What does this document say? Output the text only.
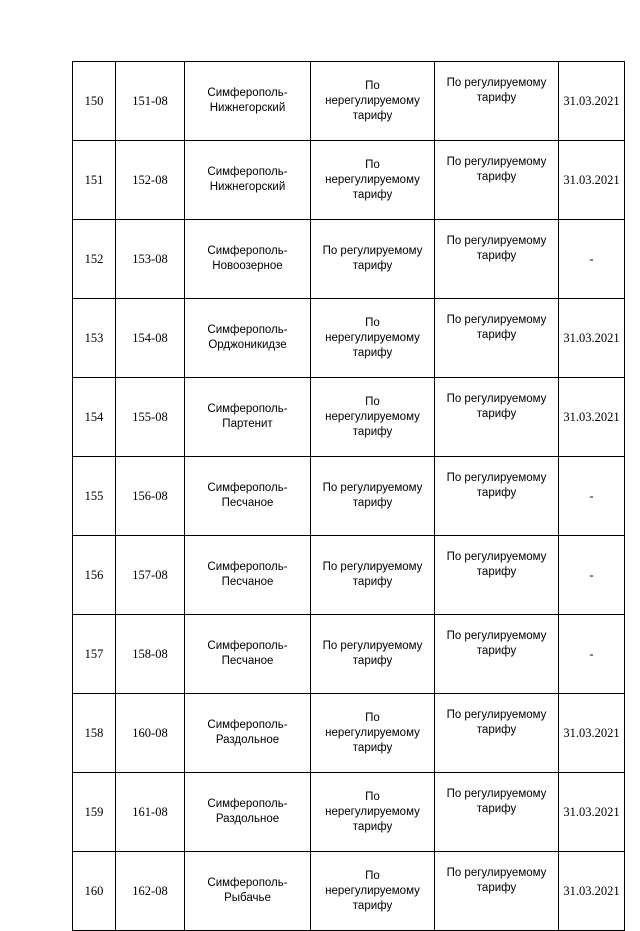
150	151-08	Симферополь-
Нижнегорский	По
нерегулируемому
тарифу	По регулируемому
тарифу	31.03.2021

151	152-08	Симферополь-
Нижнегорский	По
нерегулируемому
тарифу	По регулируемому
тарифу	31.03.2021

152	153-08	Симферополь-
Новоозерное	По регулируемому
тарифу	По регулируемому
тарифу	-

153	154-08	Симферополь-
Орджоникидзе	По
нерегулируемому
тарифу	По регулируемому
тарифу	31.03.2021

154	155-08	Симферополь-
Партенит	По
нерегулируемому
тарифу	По регулируемому
тарифу	31.03.2021

155	156-08	Симферополь-
Песчаное	По регулируемому
тарифу	По регулируемому
тарифу	-

156	157-08	Симферополь-
Песчаное	По регулируемому
тарифу	По регулируемому
тарифу	-

157	158-08	Симферополь-
Песчаное	По регулируемому
тарифу	По регулируемому
тарифу	-

158	160-08	Симферополь-
Раздольное	По
нерегулируемому
тарифу	По регулируемому
тарифу	31.03.2021

159	161-08	Симферополь-
Раздольное	По
нерегулируемому
тарифу	По регулируемому
тарифу	31.03.2021

160	162-08	Симферополь-
Рыбачье	По
нерегулируемому
тарифу	По регулируемому
тарифу	31.03.2021
